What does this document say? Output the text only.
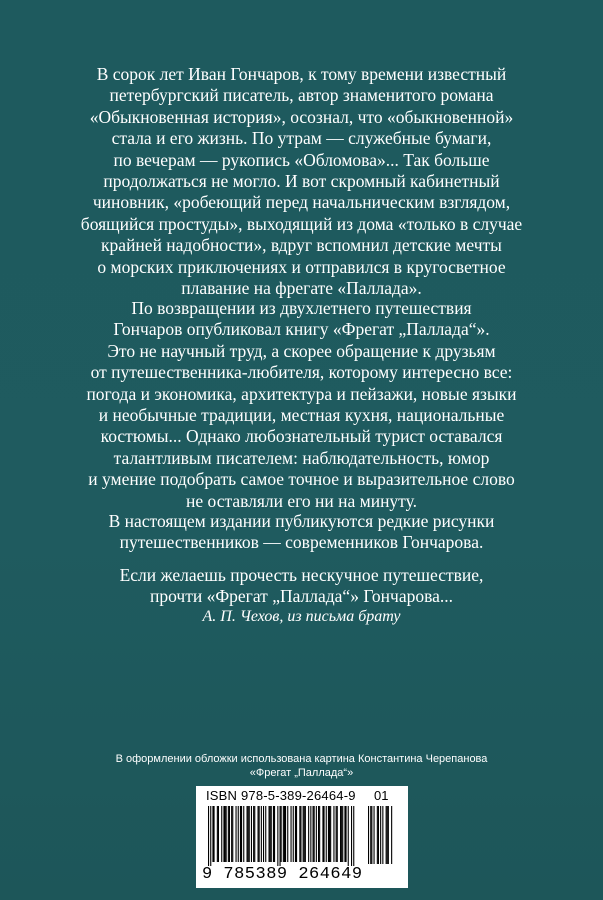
В сорок лет Иван Гончаров, к тому времени известный
петербургский писатель, автор знаменитого романа
«Обыкновенная история», осознал, что «обыкновенной»
стала и его жизнь. По утрам — служебные бумаги,
по вечерам — рукопись «Обломова»... Так больше
продолжаться не могло. И вот скромный кабинетный
чиновник, «робеющий перед начальническим взглядом,
боящийся простуды», выходящий из дома «только в случае
крайней надобности», вдруг вспомнил детские мечты
о морских приключениях и отправился в кругосветное
плавание на фрегате «Паллада».
По возвращении из двухлетнего путешествия
Гончаров опубликовал книгу «Фрегат „Паллада“».
Это не научный труд, а скорее обращение к друзьям
от путешественника-любителя, которому интересно все:
погода и экономика, архитектура и пейзажи, новые языки
и необычные традиции, местная кухня, национальные
костюмы... Однако любознательный турист оставался
талантливым писателем: наблюдательность, юмор
и умение подобрать самое точное и выразительное слово
не оставляли его ни на минуту.
В настоящем издании публикуются редкие рисунки
путешественников — современников Гончарова.
Если желаешь прочесть нескучное путешествие,
прочти «Фрегат „Паллада“» Гончарова...
А. П. Чехов, из письма брату
В оформлении обложки использована картина Константина Черепанова
«Фрегат „Паллада“»
ISBN 978-5-389-26464-9 01
9 785389 264649
